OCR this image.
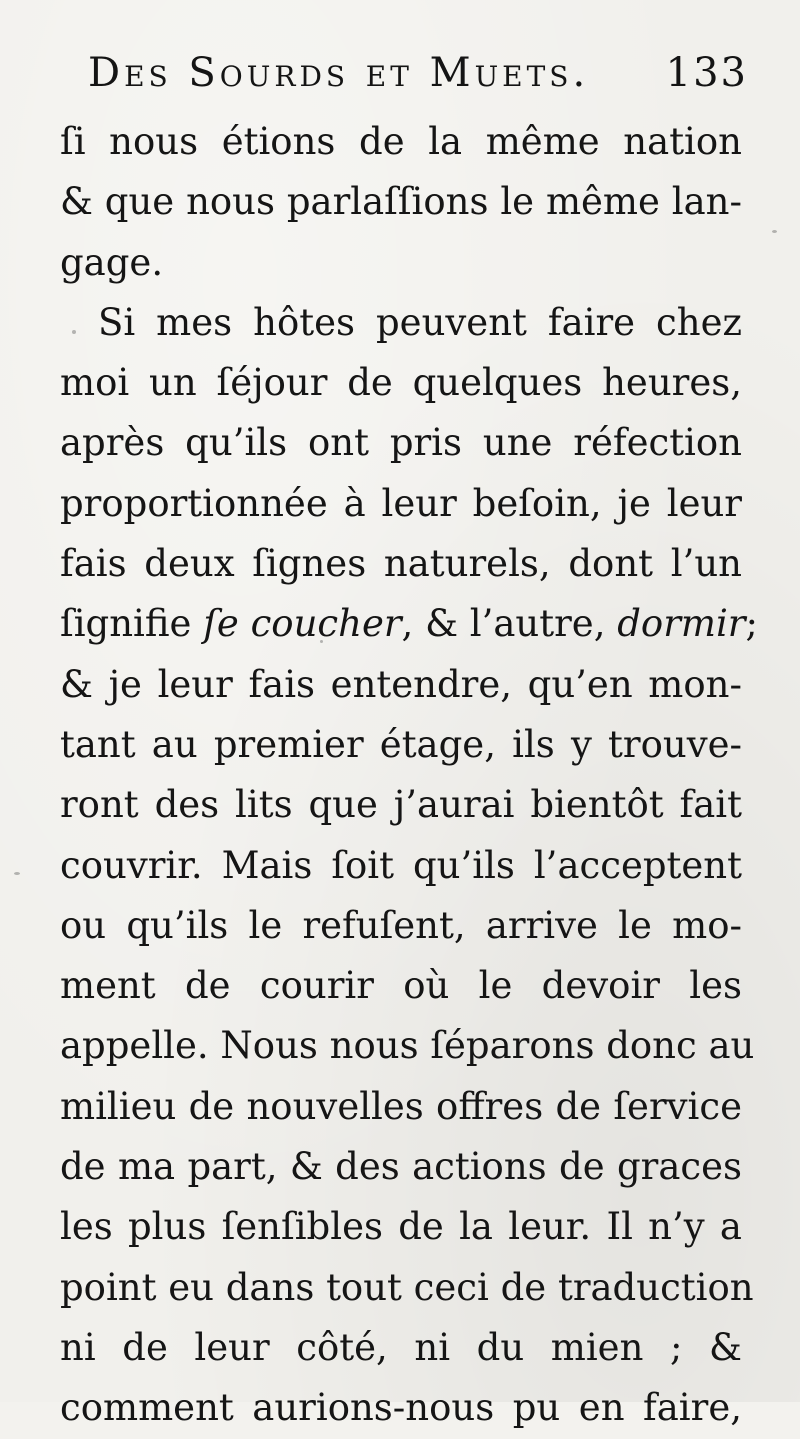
Des Sourds et Muets. 133
ſi nous étions de la même nation
& que nous parlaſſions le même lan-
gage.
Si mes hôtes peuvent faire chez
moi un ſéjour de quelques heures,
après qu’ils ont pris une réfection
proportionnée à leur beſoin, je leur
fais deux ſignes naturels, dont l’un
ſignifie ſe coucher, & l’autre, dormir;
& je leur fais entendre, qu’en mon-
tant au premier étage, ils y trouve-
ront des lits que j’aurai bientôt fait
couvrir. Mais ſoit qu’ils l’acceptent
ou qu’ils le refuſent, arrive le mo-
ment de courir où le devoir les
appelle. Nous nous ſéparons donc au
milieu de nouvelles offres de ſervice
de ma part, & des actions de graces
les plus ſenſibles de la leur. Il n’y a
point eu dans tout ceci de traduction
ni de leur côté, ni du mien ; &
comment aurions-nous pu en faire,
